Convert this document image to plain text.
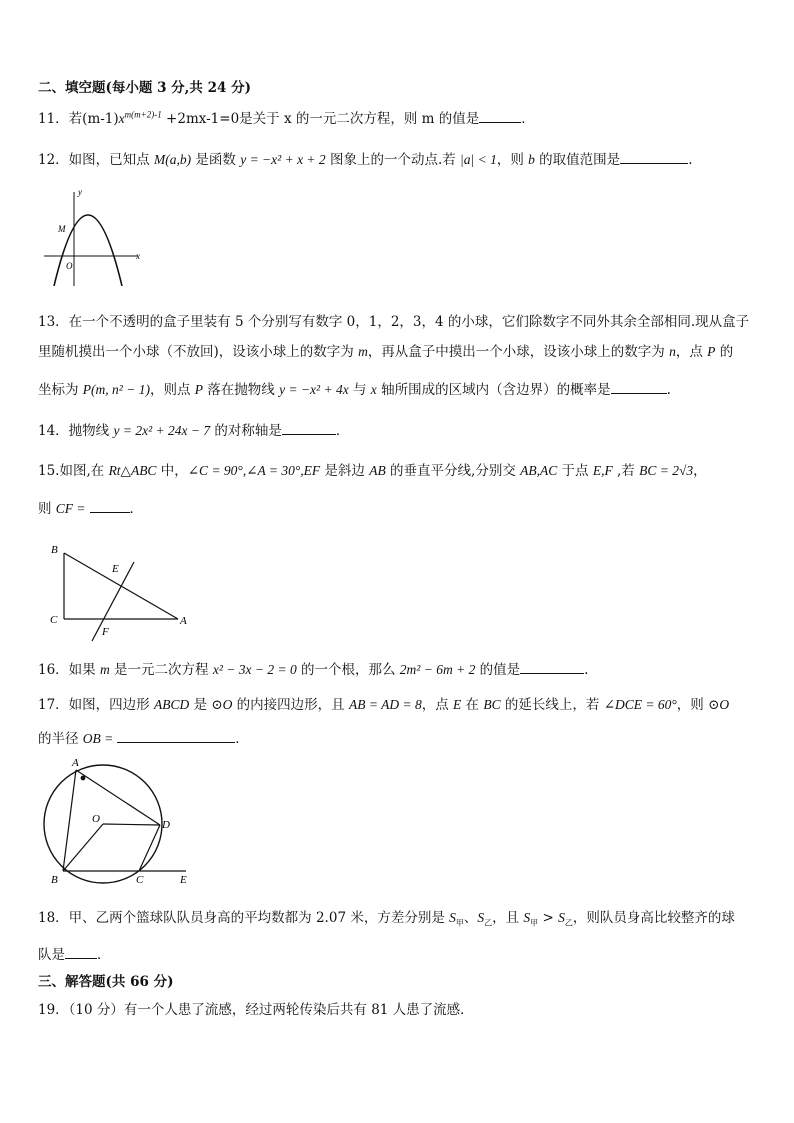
二、填空题(每小题 3 分,共 24 分)
11．若$(m-1)x^{m(m+2)-1} +2mx-1=0$是关于 x 的一元二次方程，则 m 的值是	．
12．如图，已知点 M(a,b) 是函数 y = −x² + x + 2 图象上的一个动点.若 |a| < 1，则 b 的取值范围是	.
y
M
O
x
13．在一个不透明的盒子里装有 5 个分别写有数字 0，1，2，3，4 的小球，它们除数字不同外其余全部相同.现从盒子
里随机摸出一个小球（不放回)，设该小球上的数字为 m，再从盒子中摸出一个小球，设该小球上的数字为 n，点 P 的
坐标为 P(m, n² − 1)，则点 P 落在抛物线 y = −x² + 4x 与 x 轴所围成的区域内（含边界）的概率是	.
14．抛物线 y = 2x² + 24x − 7 的对称轴是	．
15.如图,在 Rt△ABC 中，∠C = 90°,∠A = 30°,EF 是斜边 AB 的垂直平分线,分别交 AB,AC 于点 E,F ,若 BC = 2√3，
则 CF =	．
B
E
C
F
A
16．如果 m 是一元二次方程 x² − 3x − 2 = 0 的一个根，那么 2m² − 6m + 2 的值是	.
17．如图，四边形 ABCD 是 ⊙O 的内接四边形，且 AB = AD = 8，点 E 在 BC 的延长线上，若 ∠DCE = 60°，则 ⊙O
的半径 OB =	．
A
O	D
B	C	E
18．甲、乙两个篮球队队员身高的平均数都为 2.07 米，方差分别是 $S_甲$、$S_乙$，且 $S_甲 > S_乙$，则队员身高比较整齐的球
队是 ．
三、解答题(共 66 分)
19．（10 分）有一个人患了流感，经过两轮传染后共有 81 人患了流感．
